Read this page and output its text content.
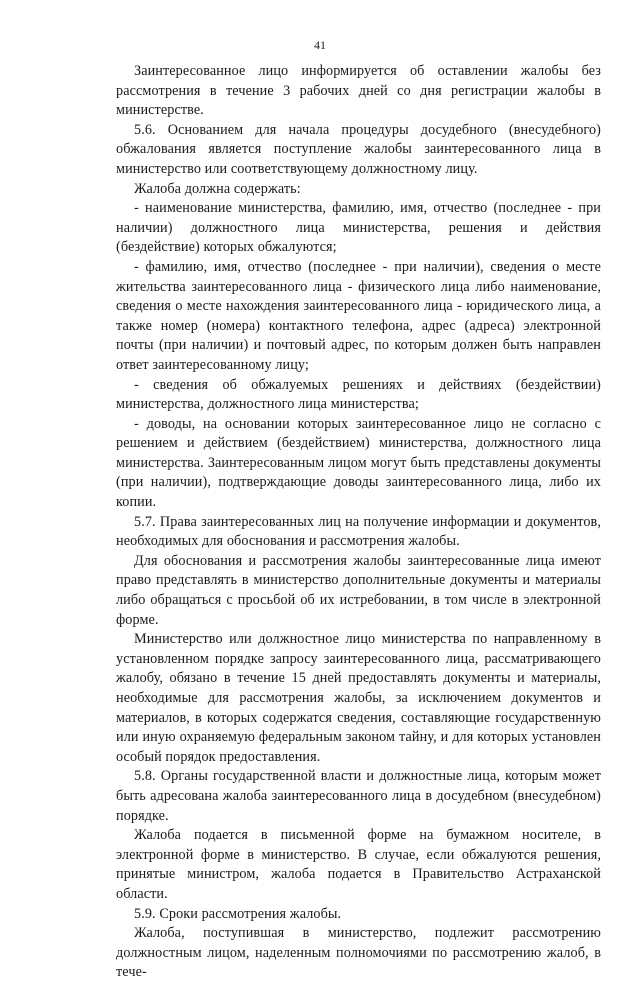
41

Заинтересованное лицо информируется об оставлении жалобы без рассмотрения в течение 3 рабочих дней со дня регистрации жалобы в министерстве.

5.6. Основанием для начала процедуры досудебного (внесудебного) обжалования является поступление жалобы заинтересованного лица в министерство или соответствующему должностному лицу.

Жалоба должна содержать:

- наименование министерства, фамилию, имя, отчество (последнее - при наличии) должностного лица министерства, решения и действия (бездействие) которых обжалуются;

- фамилию, имя, отчество (последнее - при наличии), сведения о месте жительства заинтересованного лица - физического лица либо наименование, сведения о месте нахождения заинтересованного лица - юридического лица, а также номер (номера) контактного телефона, адрес (адреса) электронной почты (при наличии) и почтовый адрес, по которым должен быть направлен ответ заинтересованному лицу;

- сведения об обжалуемых решениях и действиях (бездействии) министерства, должностного лица министерства;

- доводы, на основании которых заинтересованное лицо не согласно с решением и действием (бездействием) министерства, должностного лица министерства. Заинтересованным лицом могут быть представлены документы (при наличии), подтверждающие доводы заинтересованного лица, либо их копии.

5.7. Права заинтересованных лиц на получение информации и документов, необходимых для обоснования и рассмотрения жалобы.

Для обоснования и рассмотрения жалобы заинтересованные лица имеют право представлять в министерство дополнительные документы и материалы либо обращаться с просьбой об их истребовании, в том числе в электронной форме.

Министерство или должностное лицо министерства по направленному в установленном порядке запросу заинтересованного лица, рассматривающего жалобу, обязано в течение 15 дней предоставлять документы и материалы, необходимые для рассмотрения жалобы, за исключением документов и материалов, в которых содержатся сведения, составляющие государственную или иную охраняемую федеральным законом тайну, и для которых установлен особый порядок предоставления.

5.8. Органы государственной власти и должностные лица, которым может быть адресована жалоба заинтересованного лица в досудебном (внесудебном) порядке.

Жалоба подается в письменной форме на бумажном носителе, в электронной форме в министерство. В случае, если обжалуются решения, принятые министром, жалоба подается в Правительство Астраханской области.

5.9. Сроки рассмотрения жалобы.

Жалоба, поступившая в министерство, подлежит рассмотрению должностным лицом, наделенным полномочиями по рассмотрению жалоб, в тече-
